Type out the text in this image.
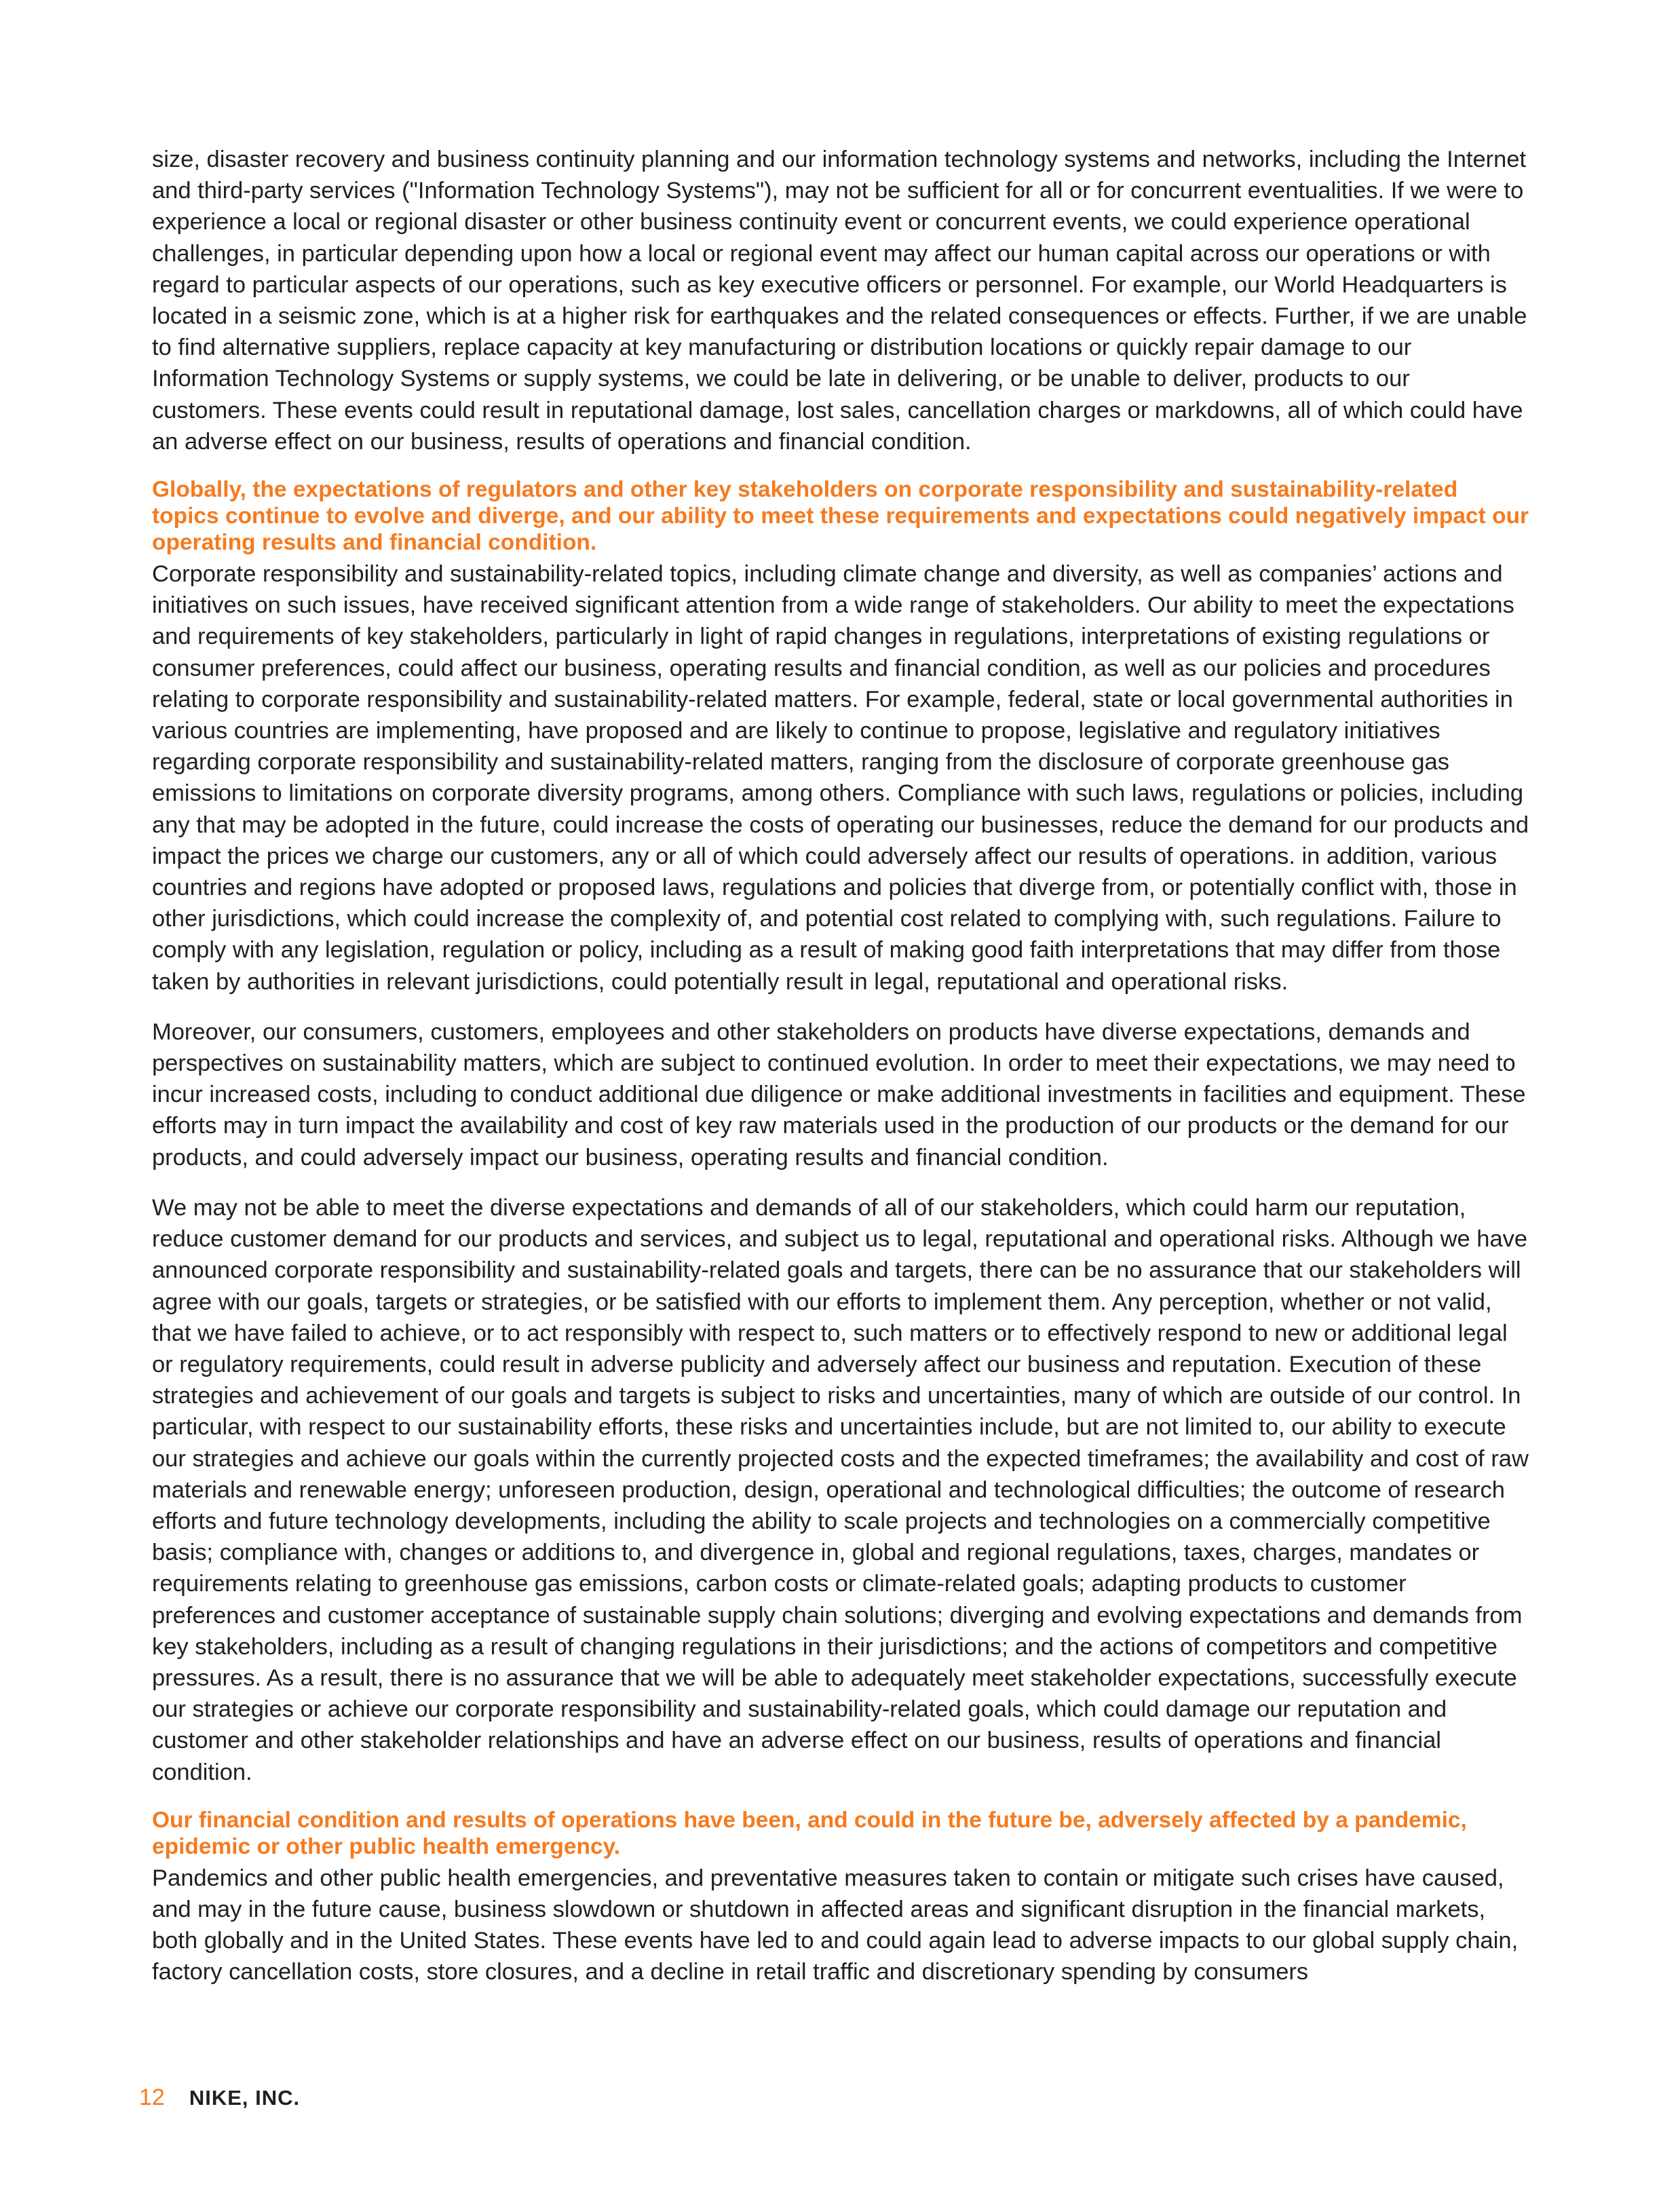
size, disaster recovery and business continuity planning and our information technology systems and networks, including the Internet and third-party services ("Information Technology Systems"), may not be sufficient for all or for concurrent eventualities. If we were to experience a local or regional disaster or other business continuity event or concurrent events, we could experience operational challenges, in particular depending upon how a local or regional event may affect our human capital across our operations or with regard to particular aspects of our operations, such as key executive officers or personnel. For example, our World Headquarters is located in a seismic zone, which is at a higher risk for earthquakes and the related consequences or effects. Further, if we are unable to find alternative suppliers, replace capacity at key manufacturing or distribution locations or quickly repair damage to our Information Technology Systems or supply systems, we could be late in delivering, or be unable to deliver, products to our customers. These events could result in reputational damage, lost sales, cancellation charges or markdowns, all of which could have an adverse effect on our business, results of operations and financial condition.

Globally, the expectations of regulators and other key stakeholders on corporate responsibility and sustainability-related topics continue to evolve and diverge, and our ability to meet these requirements and expectations could negatively impact our operating results and financial condition.

Corporate responsibility and sustainability-related topics, including climate change and diversity, as well as companies’ actions and initiatives on such issues, have received significant attention from a wide range of stakeholders. Our ability to meet the expectations and requirements of key stakeholders, particularly in light of rapid changes in regulations, interpretations of existing regulations or consumer preferences, could affect our business, operating results and financial condition, as well as our policies and procedures relating to corporate responsibility and sustainability-related matters. For example, federal, state or local governmental authorities in various countries are implementing, have proposed and are likely to continue to propose, legislative and regulatory initiatives regarding corporate responsibility and sustainability-related matters, ranging from the disclosure of corporate greenhouse gas emissions to limitations on corporate diversity programs, among others. Compliance with such laws, regulations or policies, including any that may be adopted in the future, could increase the costs of operating our businesses, reduce the demand for our products and impact the prices we charge our customers, any or all of which could adversely affect our results of operations. in addition, various countries and regions have adopted or proposed laws, regulations and policies that diverge from, or potentially conflict with, those in other jurisdictions, which could increase the complexity of, and potential cost related to complying with, such regulations. Failure to comply with any legislation, regulation or policy, including as a result of making good faith interpretations that may differ from those taken by authorities in relevant jurisdictions, could potentially result in legal, reputational and operational risks.

Moreover, our consumers, customers, employees and other stakeholders on products have diverse expectations, demands and perspectives on sustainability matters, which are subject to continued evolution. In order to meet their expectations, we may need to incur increased costs, including to conduct additional due diligence or make additional investments in facilities and equipment. These efforts may in turn impact the availability and cost of key raw materials used in the production of our products or the demand for our products, and could adversely impact our business, operating results and financial condition.

We may not be able to meet the diverse expectations and demands of all of our stakeholders, which could harm our reputation, reduce customer demand for our products and services, and subject us to legal, reputational and operational risks. Although we have announced corporate responsibility and sustainability-related goals and targets, there can be no assurance that our stakeholders will agree with our goals, targets or strategies, or be satisfied with our efforts to implement them. Any perception, whether or not valid, that we have failed to achieve, or to act responsibly with respect to, such matters or to effectively respond to new or additional legal or regulatory requirements, could result in adverse publicity and adversely affect our business and reputation. Execution of these strategies and achievement of our goals and targets is subject to risks and uncertainties, many of which are outside of our control. In particular, with respect to our sustainability efforts, these risks and uncertainties include, but are not limited to, our ability to execute our strategies and achieve our goals within the currently projected costs and the expected timeframes; the availability and cost of raw materials and renewable energy; unforeseen production, design, operational and technological difficulties; the outcome of research efforts and future technology developments, including the ability to scale projects and technologies on a commercially competitive basis; compliance with, changes or additions to, and divergence in, global and regional regulations, taxes, charges, mandates or requirements relating to greenhouse gas emissions, carbon costs or climate-related goals; adapting products to customer preferences and customer acceptance of sustainable supply chain solutions; diverging and evolving expectations and demands from key stakeholders, including as a result of changing regulations in their jurisdictions; and the actions of competitors and competitive pressures. As a result, there is no assurance that we will be able to adequately meet stakeholder expectations, successfully execute our strategies or achieve our corporate responsibility and sustainability-related goals, which could damage our reputation and customer and other stakeholder relationships and have an adverse effect on our business, results of operations and financial condition.

Our financial condition and results of operations have been, and could in the future be, adversely affected by a pandemic, epidemic or other public health emergency.

Pandemics and other public health emergencies, and preventative measures taken to contain or mitigate such crises have caused, and may in the future cause, business slowdown or shutdown in affected areas and significant disruption in the financial markets, both globally and in the United States. These events have led to and could again lead to adverse impacts to our global supply chain, factory cancellation costs, store closures, and a decline in retail traffic and discretionary spending by consumers

12 NIKE, INC.
